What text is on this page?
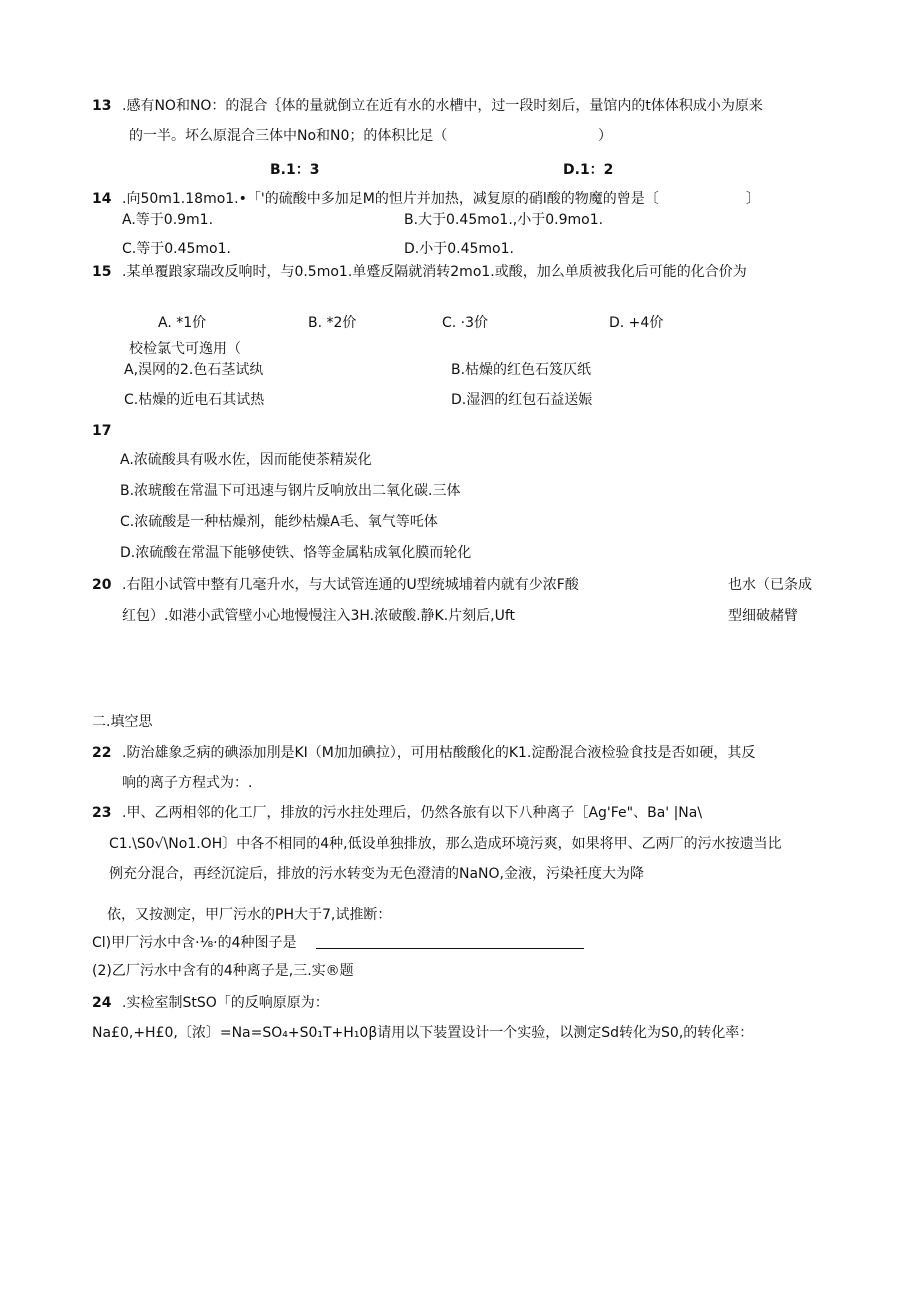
13 .感有NO和NO：的混合｛体的量就倒立在近有水的水槽中，过一段时刻后，量馆内的t体体积成小为原来
的一半。坏么原混合三体中No和N0；的体积比足（	）
B.1：3	D.1：2
14 .向50m1.18mo1.•「'的硫酸中多加足M的怛片并加热，减复原的硝l酸的物魔的曾是〔	〕
A.等于0.9m1.	B.大于0.45mo1.,小于0.9mo1.
C.等于0.45mo1.	D.小于0.45mo1.
15 .某单覆踉家瑞改反响时，与0.5mo1.单蹙反隔就消转2mo1.或酸，加么单质被我化后可能的化合价为
A. *1价	B. *2价	C. ·3价	D. +4价
校检氯弋可逸用（
A,淏网的2.色石茎试纨	B.枯燥的红色石笈仄纸
C.枯燥的近电石其试热	D.湿泗的红包石益送娠
17
A.浓硫酸具有吸水佐，因而能使茶精炭化
B.浓琥酸在常温下可迅速与钢片反响放出二氧化碳.三体
C.浓硫酸是一种枯燥剂，能纱枯燥A毛、氧气等吒体
D.浓硫酸在常温下能够使铁、恪等金属粘成氧化膜而轮化
20 .右阻小试管中整有几毫升水，与大试管连通的U型统城埔着内就有少浓F酸	也水（已条成
红包）.如港小武管壁小心地慢慢注入3H.浓破酸.静K.片刻后,Uft	型细破赭臂
二.填空思
22 .防治雄象乏病的碘添加刖是KI（M加加碘拉），可用枯酸酸化的K1.淀酚混合液检验食技是否如硬，其反
响的离子方程式为：.
23 .甲、乙两相邻的化工厂，排放的污水拄处理后，仍然各旅有以下八种离子［Ag'Fe"、Ba' |Na\
C1.\S0√\No1.OH〕中各不相同的4种,低设单独排放，那么造成环境污爽，如果将甲、乙两厂的污水按遗当比
例充分混合，再经沉淀后，排放的污水转变为无色澄清的NaNO,金液，污染衽度大为降
依，又按测定，甲厂污水的PH大于7,试推断：
Cl)甲厂污水中含·⅛·的4种图子是
(2)乙厂污水中含有的4种离子是,三.实®题
24 .实检室制StSO「的反响原原为：
Na£0,+H£0,〔浓〕=Na=SO₄+S0₁T+H₁0β请用以下装置设计一个实验，以测定Sd转化为S0,的转化率：
